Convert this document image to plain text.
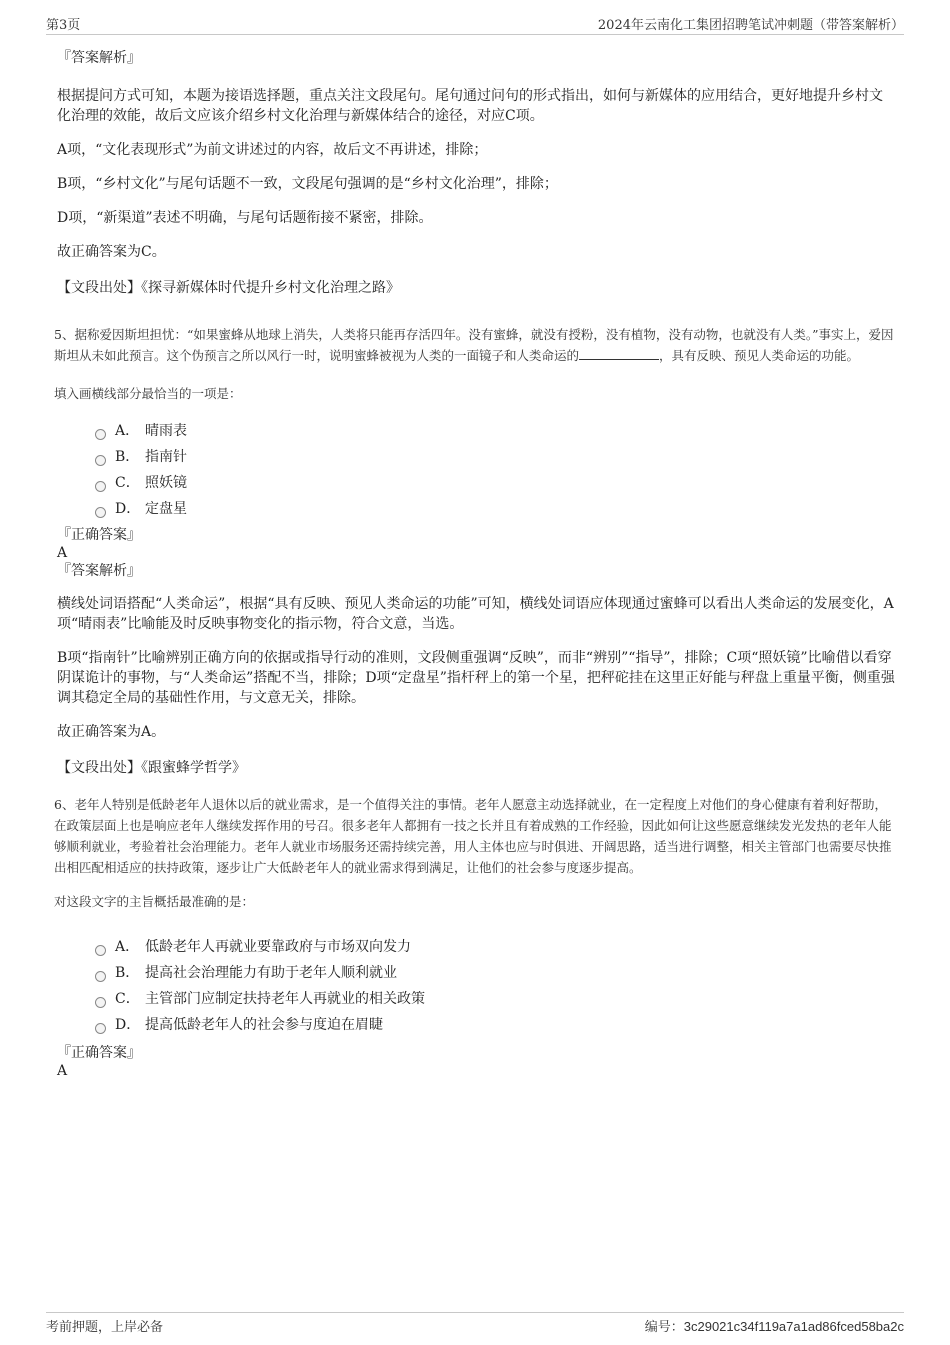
第3页	2024年云南化工集团招聘笔试冲刺题（带答案解析）
『答案解析』

根据提问方式可知，本题为接语选择题，重点关注文段尾句。尾句通过问句的形式指出，如何与新媒体的应用结合，更好地提升乡村文化治理的效能，故后文应该介绍乡村文化治理与新媒体结合的途径，对应C项。

A项，“文化表现形式”为前文讲述过的内容，故后文不再讲述，排除；

B项，“乡村文化”与尾句话题不一致，文段尾句强调的是“乡村文化治理”，排除；

D项，“新渠道”表述不明确，与尾句话题衔接不紧密，排除。

故正确答案为C。

【文段出处】《探寻新媒体时代提升乡村文化治理之路》

5、据称爱因斯坦担忧：“如果蜜蜂从地球上消失，人类将只能再存活四年。没有蜜蜂，就没有授粉，没有植物，没有动物，也就没有人类。”事实上，爱因斯坦从未如此预言。这个伪预言之所以风行一时，说明蜜蜂被视为人类的一面镜子和人类命运的	，具有反映、预见人类命运的功能。

填入画横线部分最恰当的一项是：
A． 晴雨表
B． 指南针
C． 照妖镜
D． 定盘星
『正确答案』
A
『答案解析』

横线处词语搭配“人类命运”，根据“具有反映、预见人类命运的功能”可知，横线处词语应体现通过蜜蜂可以看出人类命运的发展变化，A项“晴雨表”比喻能及时反映事物变化的指示物，符合文意，当选。

B项“指南针”比喻辨别正确方向的依据或指导行动的准则，文段侧重强调“反映”，而非“辨别”“指导”，排除；C项“照妖镜”比喻借以看穿阴谋诡计的事物，与“人类命运”搭配不当，排除；D项“定盘星”指杆秤上的第一个星，把秤砣挂在这里正好能与秤盘上重量平衡，侧重强调其稳定全局的基础性作用，与文意无关，排除。

故正确答案为A。

【文段出处】《跟蜜蜂学哲学》

6、老年人特别是低龄老年人退休以后的就业需求，是一个值得关注的事情。老年人愿意主动选择就业，在一定程度上对他们的身心健康有着利好帮助，在政策层面上也是响应老年人继续发挥作用的号召。很多老年人都拥有一技之长并且有着成熟的工作经验，因此如何让这些愿意继续发光发热的老年人能够顺利就业，考验着社会治理能力。老年人就业市场服务还需持续完善，用人主体也应与时俱进、开阔思路，适当进行调整，相关主管部门也需要尽快推出相匹配相适应的扶持政策，逐步让广大低龄老年人的就业需求得到满足，让他们的社会参与度逐步提高。

对这段文字的主旨概括最准确的是：
A． 低龄老年人再就业要靠政府与市场双向发力
B． 提高社会治理能力有助于老年人顺利就业
C． 主管部门应制定扶持老年人再就业的相关政策
D． 提高低龄老年人的社会参与度迫在眉睫
『正确答案』
A
考前押题，上岸必备	编号：3c29021c34f119a7a1ad86fced58ba2c
